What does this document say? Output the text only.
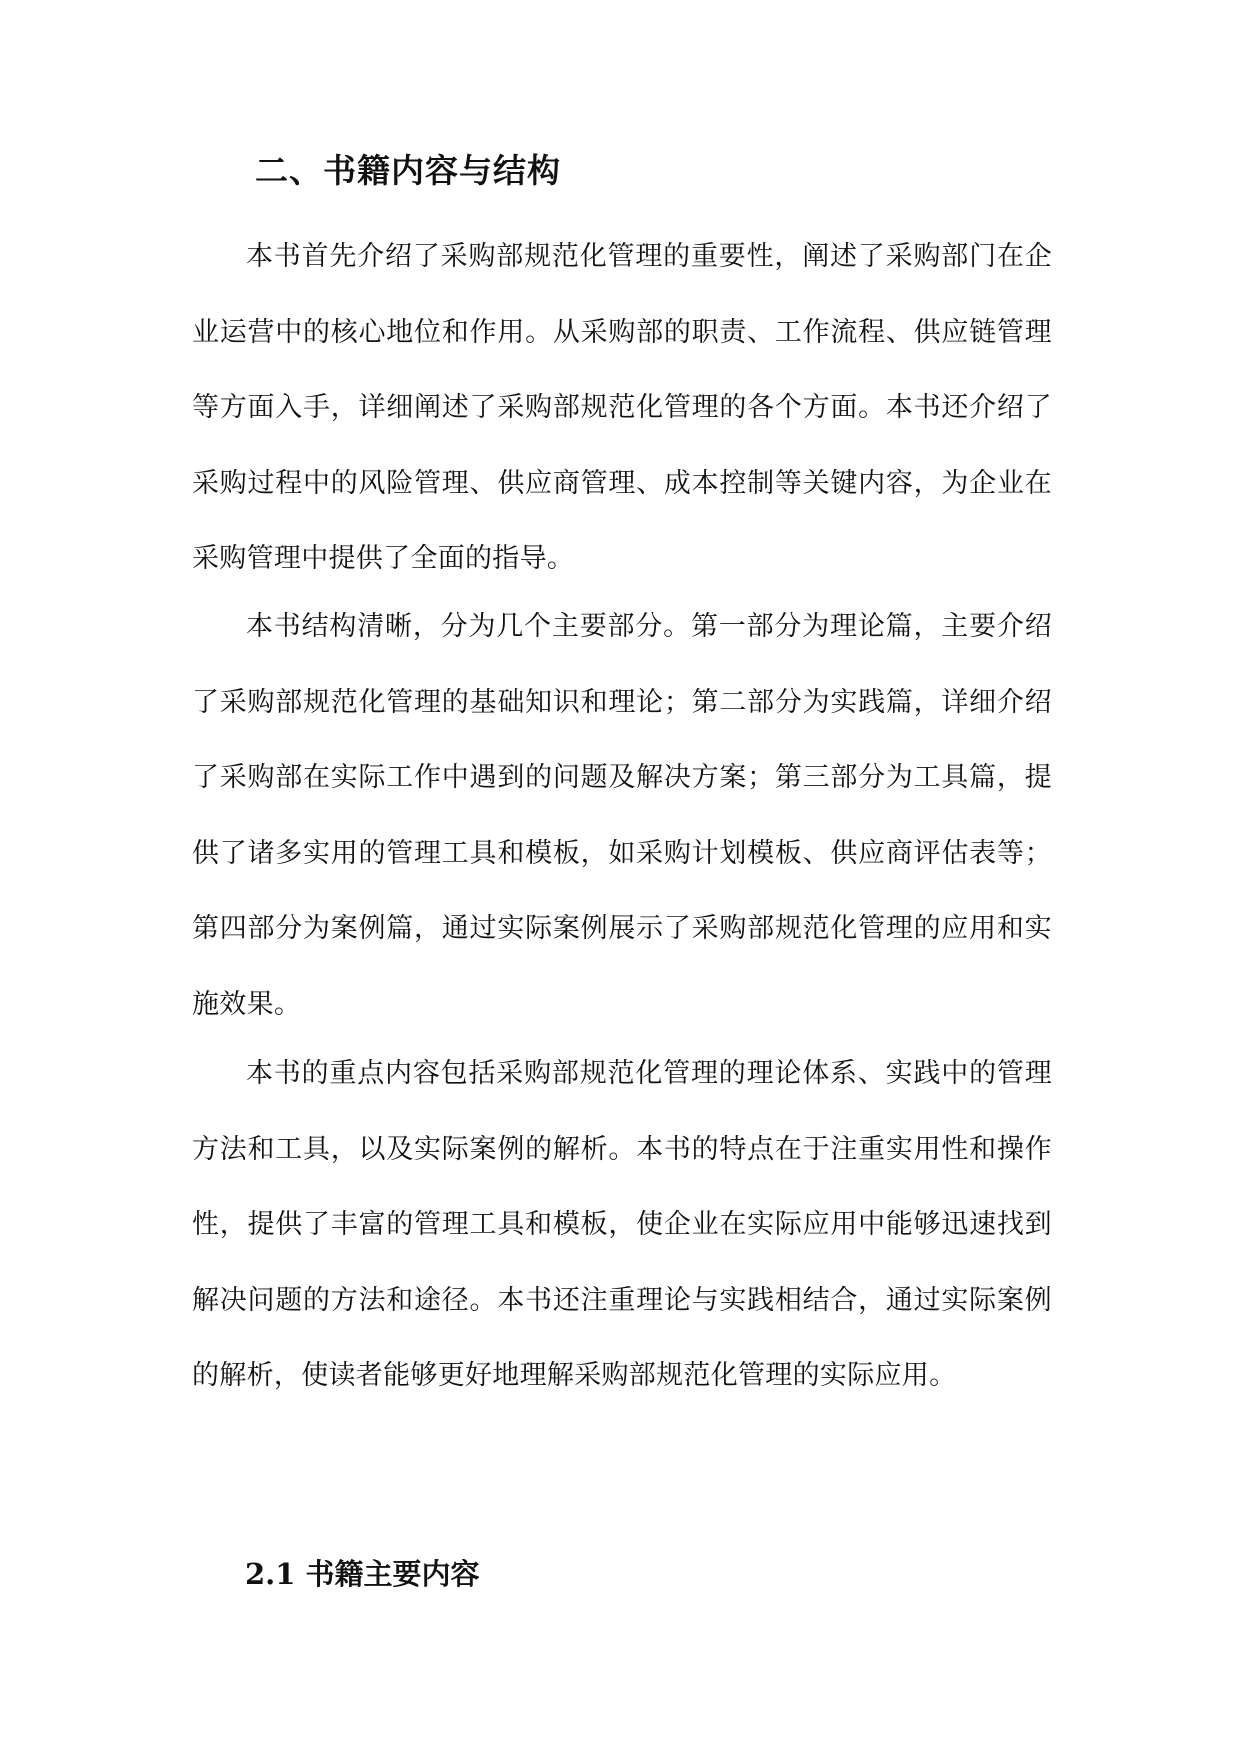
二、书籍内容与结构

本书首先介绍了采购部规范化管理的重要性，阐述了采购部门在企业运营中的核心地位和作用。从采购部的职责、工作流程、供应链管理等方面入手，详细阐述了采购部规范化管理的各个方面。本书还介绍了采购过程中的风险管理、供应商管理、成本控制等关键内容，为企业在采购管理中提供了全面的指导。

本书结构清晰，分为几个主要部分。第一部分为理论篇，主要介绍了采购部规范化管理的基础知识和理论；第二部分为实践篇，详细介绍了采购部在实际工作中遇到的问题及解决方案；第三部分为工具篇，提供了诸多实用的管理工具和模板，如采购计划模板、供应商评估表等；第四部分为案例篇，通过实际案例展示了采购部规范化管理的应用和实施效果。

本书的重点内容包括采购部规范化管理的理论体系、实践中的管理方法和工具，以及实际案例的解析。本书的特点在于注重实用性和操作性，提供了丰富的管理工具和模板，使企业在实际应用中能够迅速找到解决问题的方法和途径。本书还注重理论与实践相结合，通过实际案例的解析，使读者能够更好地理解采购部规范化管理的实际应用。

2.1 书籍主要内容
